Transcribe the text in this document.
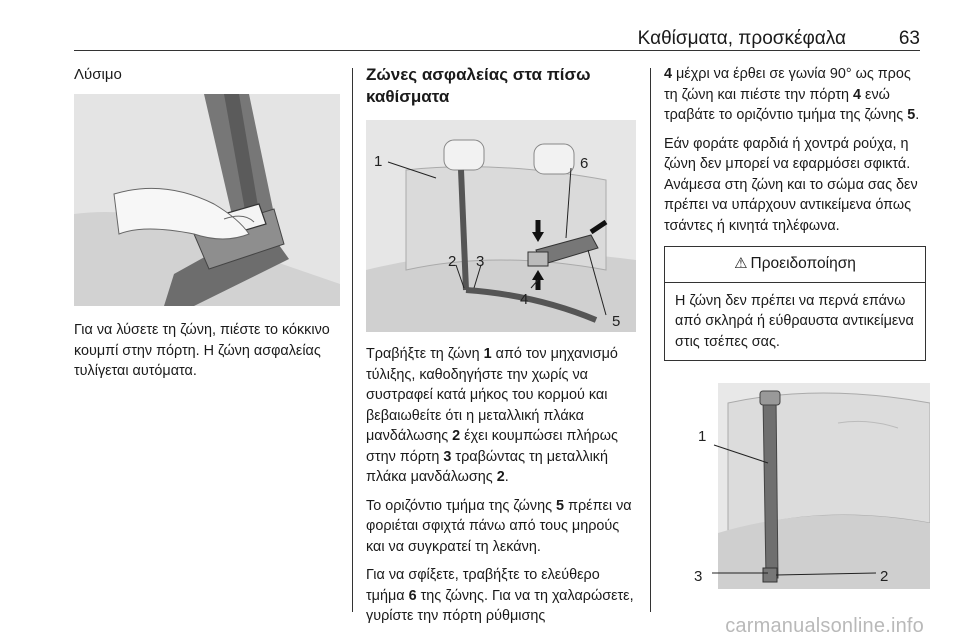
Καθίσματα, προσκέφαλα	63
Λύσιμο

Για να λύσετε τη ζώνη, πιέστε το κόκκινο κουμπί στην πόρτη. Η ζώνη ασφαλείας τυλίγεται αυτόματα.

Ζώνες ασφαλείας στα πίσω καθίσματα
1
2 3
4
5
6

Τραβήξτε τη ζώνη 1 από τον μηχανισμό τύλιξης, καθοδηγήστε την χωρίς να συστραφεί κατά μήκος του κορμού και βεβαιωθείτε ότι η μεταλλική πλάκα μανδάλωσης 2 έχει κουμπώσει πλήρως στην πόρτη 3 τραβώντας τη μεταλλική πλάκα μανδάλωσης 2.

Το οριζόντιο τμήμα της ζώνης 5 πρέπει να φοριέται σφιχτά πάνω από τους μηρούς και να συγκρατεί τη λεκάνη.

Για να σφίξετε, τραβήξτε το ελεύθερο τμήμα 6 της ζώνης. Για να τη χαλαρώσετε, γυρίστε την πόρτη ρύθμισης

4 μέχρι να έρθει σε γωνία 90° ως προς τη ζώνη και πιέστε την πόρτη 4 ενώ τραβάτε το οριζόντιο τμήμα της ζώνης 5.

Εάν φοράτε φαρδιά ή χοντρά ρούχα, η ζώνη δεν μπορεί να εφαρμόσει σφικτά. Ανάμεσα στη ζώνη και το σώμα σας δεν πρέπει να υπάρχουν αντικείμενα όπως τσάντες ή κινητά τηλέφωνα.

⚠ Προειδοποίηση
Η ζώνη δεν πρέπει να περνά επάνω από σκληρά ή εύθραυστα αντικείμενα στις τσέπες σας.
1
3	2
carmanualsonline.info
